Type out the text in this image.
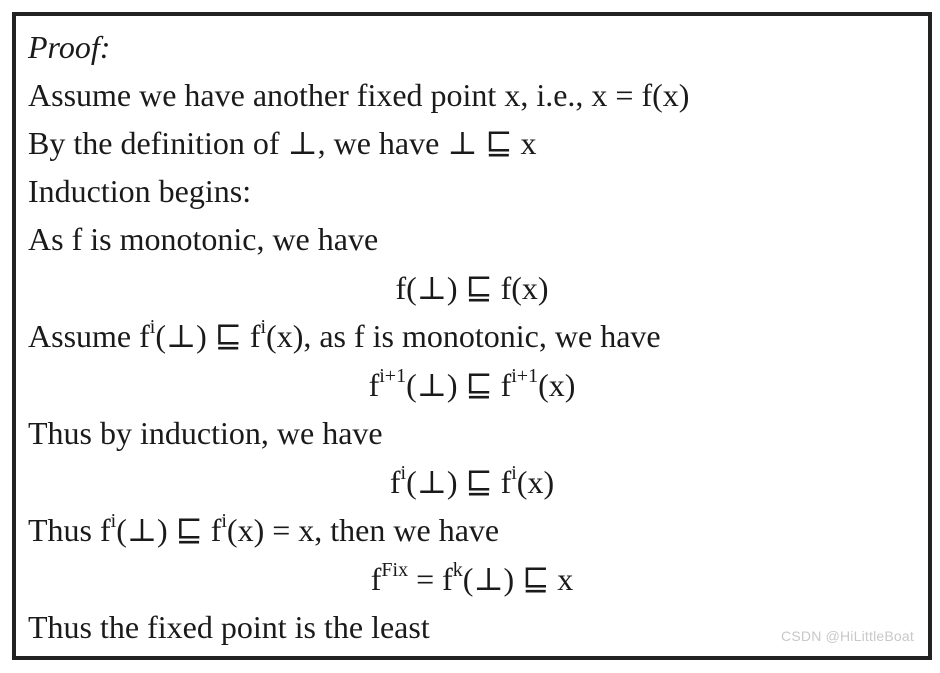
Proof:
Assume we have another fixed point x, i.e., x = f(x)
By the definition of ⊥, we have ⊥ ⊑ x
Induction begins:
As f is monotonic, we have
f(⊥) ⊑ f(x)
Assume $f^i(\perp)$ ⊑ $f^i(x)$, as f is monotonic, we have
$f^{i+1}(\perp)$ ⊑ $f^{i+1}(x)$
Thus by induction, we have
$f^i(\perp)$ ⊑ $f^i(x)$
Thus $f^i(\perp)$ ⊑ $f^i(x) = x$, then we have
$f^{Fix}$ = $f^k(\perp)$ ⊑ x
Thus the fixed point is the least	CSDN @HiLittleBoat
